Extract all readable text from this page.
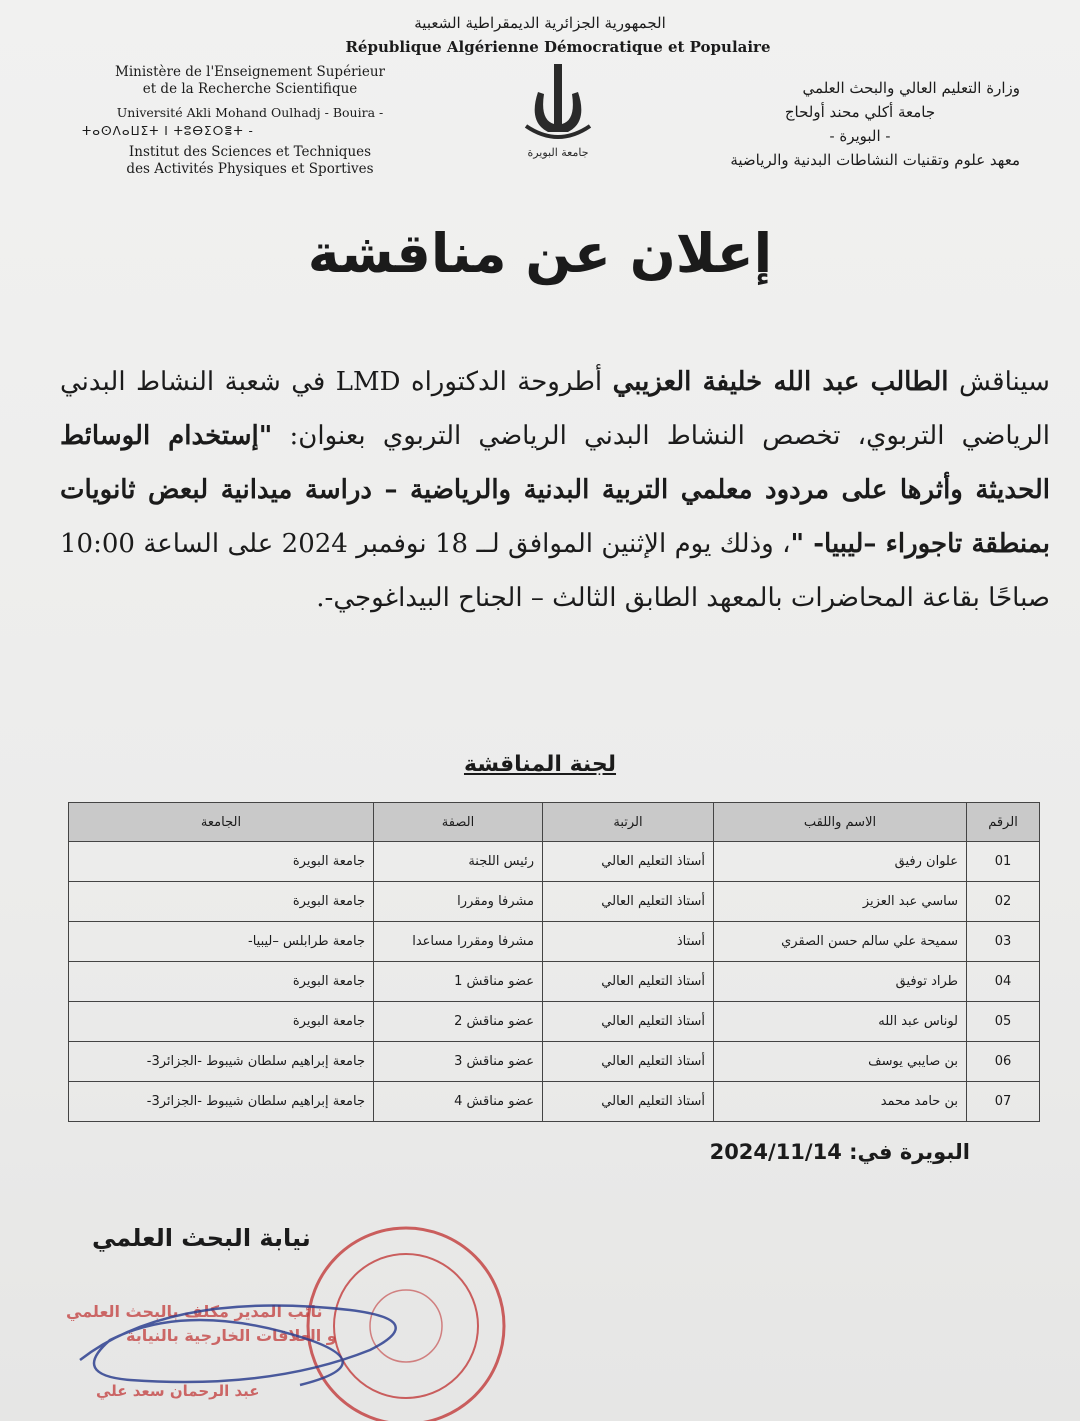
الجمهورية الجزائرية الديمقراطية الشعبية
République Algérienne Démocratique et Populaire
Ministère de l'Enseignement Supérieur
et de la Recherche Scientifique
Université Akli Mohand Oulhadj - Bouira -
ⵜⴰⵙⴷⴰⵡⵉⵜ ⵏ ⵜⵓⴱⵉⵔⴻⵜ -
Institut des Sciences et Techniques
des Activités Physiques et Sportives
جامعة البويرة
وزارة التعليم العالي والبحث العلمي
جامعة أكلي محند أولحاج
- البويرة -
معهد علوم وتقنيات النشاطات البدنية والرياضية
إعلان عن مناقشة
سيناقش الطالب عبد الله خليفة العزيبي أطروحة الدكتوراه LMD في شعبة النشاط البدني الرياضي التربوي، تخصص النشاط البدني الرياضي التربوي بعنوان: "إستخدام الوسائط الحديثة وأثرها على مردود معلمي التربية البدنية والرياضية – دراسة ميدانية لبعض ثانويات بمنطقة تاجوراء –ليبيا- "، وذلك يوم الإثنين الموافق لــ 18 نوفمبر 2024 على الساعة 10:00 صباحًا بقاعة المحاضرات بالمعهد الطابق الثالث – الجناح البيداغوجي-.
لجنة المناقشة
الرقم	الاسم واللقب	الرتبة	الصفة	الجامعة
01	علوان رفيق	أستاذ التعليم العالي	رئيس اللجنة	جامعة البويرة
02	ساسي عبد العزيز	أستاذ التعليم العالي	مشرفا ومقررا	جامعة البويرة
03	سميحة علي سالم حسن الصقري	أستاذ	مشرفا ومقررا مساعدا	جامعة طرابلس –ليبيا-
04	طراد توفيق	أستاذ التعليم العالي	عضو مناقش 1	جامعة البويرة
05	لوناس عبد الله	أستاذ التعليم العالي	عضو مناقش 2	جامعة البويرة
06	بن صايبي يوسف	أستاذ التعليم العالي	عضو مناقش 3	جامعة إبراهيم سلطان شيبوط -الجزائر3-
07	بن حامد محمد	أستاذ التعليم العالي	عضو مناقش 4	جامعة إبراهيم سلطان شيبوط -الجزائر3-
البويرة في: 2024/11/14
نيابة البحث العلمي
نائب المدير مكلف بالبحث العلمي
و العلاقات الخارجية بالنيابة
عبد الرحمان سعد علي
